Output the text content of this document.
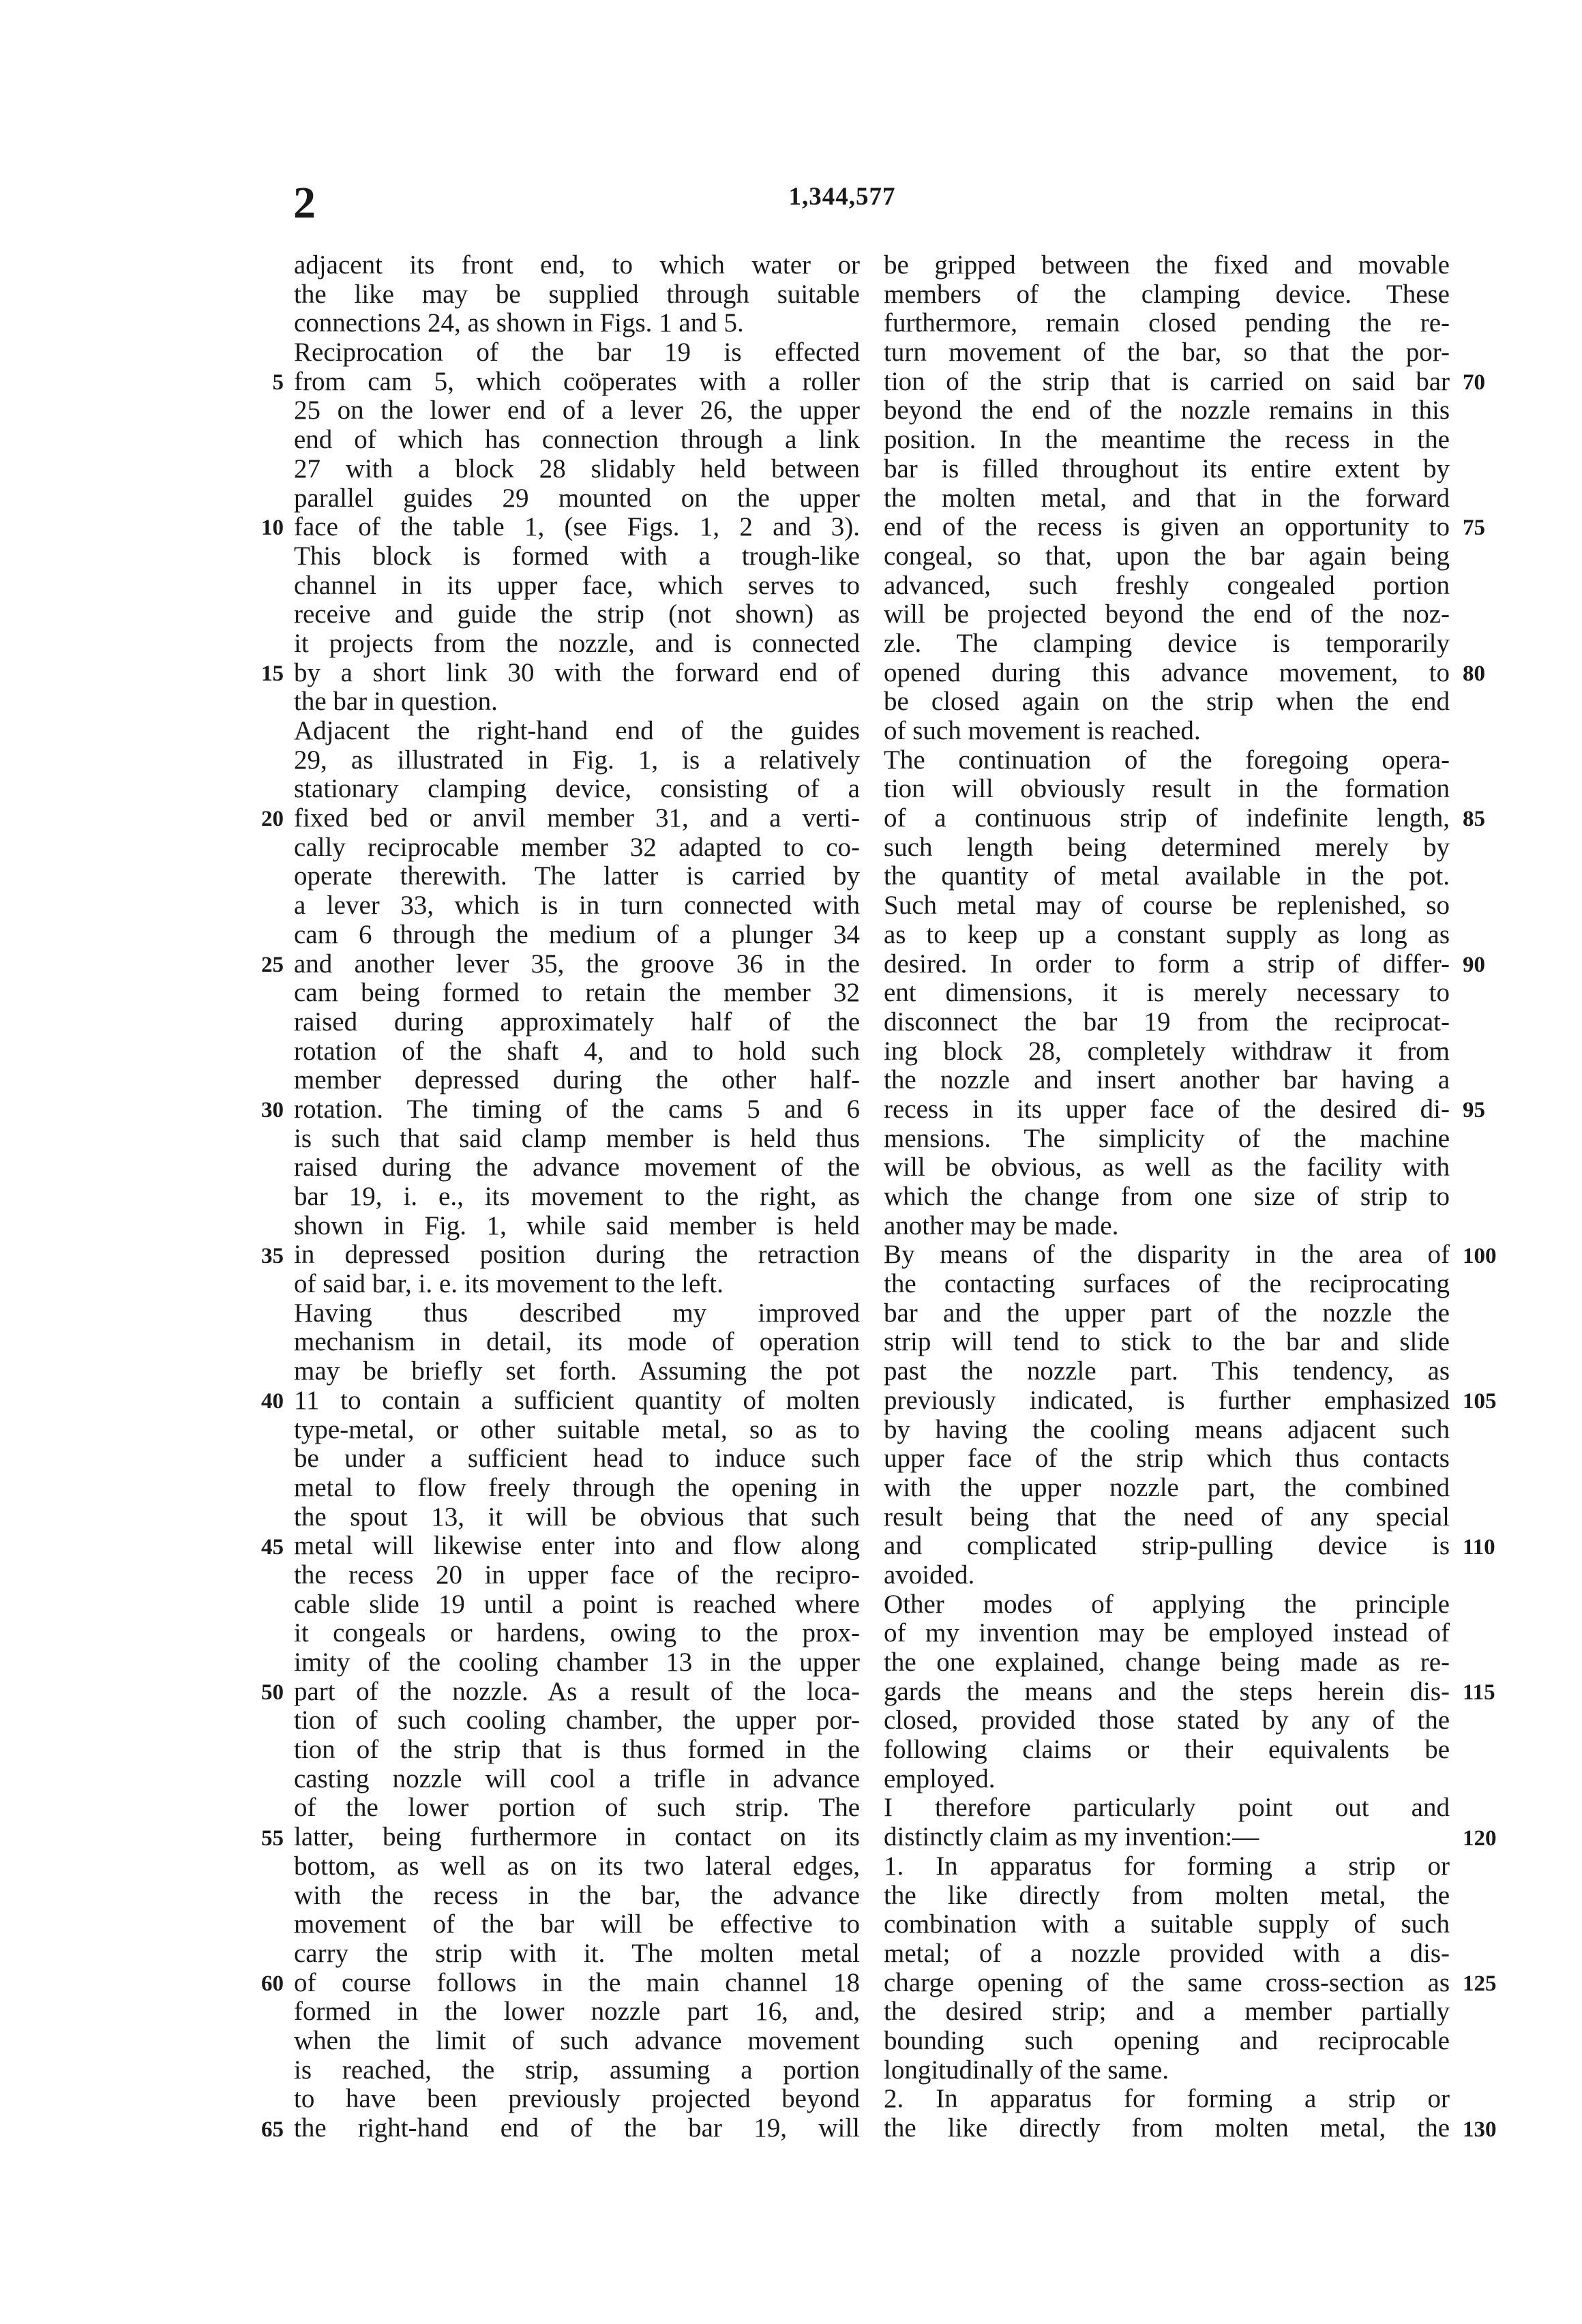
2	1,344,577
adjacent its front end, to which water or
the like may be supplied through suitable
connections 24, as shown in Figs. 1 and 5.
Reciprocation of the bar 19 is effected
from cam 5, which coöperates with a roller
25 on the lower end of a lever 26, the upper
end of which has connection through a link
27 with a block 28 slidably held between
parallel guides 29 mounted on the upper
face of the table 1, (see Figs. 1, 2 and 3).
This block is formed with a trough-like
channel in its upper face, which serves to
receive and guide the strip (not shown) as
it projects from the nozzle, and is connected
by a short link 30 with the forward end of
the bar in question.
Adjacent the right-hand end of the guides
29, as illustrated in Fig. 1, is a relatively
stationary clamping device, consisting of a
fixed bed or anvil member 31, and a verti-
cally reciprocable member 32 adapted to co-
operate therewith. The latter is carried by
a lever 33, which is in turn connected with
cam 6 through the medium of a plunger 34
and another lever 35, the groove 36 in the
cam being formed to retain the member 32
raised during approximately half of the
rotation of the shaft 4, and to hold such
member depressed during the other half-
rotation. The timing of the cams 5 and 6
is such that said clamp member is held thus
raised during the advance movement of the
bar 19, i. e., its movement to the right, as
shown in Fig. 1, while said member is held
in depressed position during the retraction
of said bar, i. e. its movement to the left.
Having thus described my improved
mechanism in detail, its mode of operation
may be briefly set forth. Assuming the pot
11 to contain a sufficient quantity of molten
type-metal, or other suitable metal, so as to
be under a sufficient head to induce such
metal to flow freely through the opening in
the spout 13, it will be obvious that such
metal will likewise enter into and flow along
the recess 20 in upper face of the recipro-
cable slide 19 until a point is reached where
it congeals or hardens, owing to the prox-
imity of the cooling chamber 13 in the upper
part of the nozzle. As a result of the loca-
tion of such cooling chamber, the upper por-
tion of the strip that is thus formed in the
casting nozzle will cool a trifle in advance
of the lower portion of such strip. The
latter, being furthermore in contact on its
bottom, as well as on its two lateral edges,
with the recess in the bar, the advance
movement of the bar will be effective to
carry the strip with it. The molten metal
of course follows in the main channel 18
formed in the lower nozzle part 16, and,
when the limit of such advance movement
is reached, the strip, assuming a portion
to have been previously projected beyond
the right-hand end of the bar 19, will
be gripped between the fixed and movable
members of the clamping device. These
furthermore, remain closed pending the re-
turn movement of the bar, so that the por-
tion of the strip that is carried on said bar
beyond the end of the nozzle remains in this
position. In the meantime the recess in the
bar is filled throughout its entire extent by
the molten metal, and that in the forward
end of the recess is given an opportunity to
congeal, so that, upon the bar again being
advanced, such freshly congealed portion
will be projected beyond the end of the noz-
zle. The clamping device is temporarily
opened during this advance movement, to
be closed again on the strip when the end
of such movement is reached.
The continuation of the foregoing opera-
tion will obviously result in the formation
of a continuous strip of indefinite length,
such length being determined merely by
the quantity of metal available in the pot.
Such metal may of course be replenished, so
as to keep up a constant supply as long as
desired. In order to form a strip of differ-
ent dimensions, it is merely necessary to
disconnect the bar 19 from the reciprocat-
ing block 28, completely withdraw it from
the nozzle and insert another bar having a
recess in its upper face of the desired di-
mensions. The simplicity of the machine
will be obvious, as well as the facility with
which the change from one size of strip to
another may be made.
By means of the disparity in the area of
the contacting surfaces of the reciprocating
bar and the upper part of the nozzle the
strip will tend to stick to the bar and slide
past the nozzle part. This tendency, as
previously indicated, is further emphasized
by having the cooling means adjacent such
upper face of the strip which thus contacts
with the upper nozzle part, the combined
result being that the need of any special
and complicated strip-pulling device is
avoided.
Other modes of applying the principle
of my invention may be employed instead of
the one explained, change being made as re-
gards the means and the steps herein dis-
closed, provided those stated by any of the
following claims or their equivalents be
employed.
I therefore particularly point out and
distinctly claim as my invention:—
1. In apparatus for forming a strip or
the like directly from molten metal, the
combination with a suitable supply of such
metal; of a nozzle provided with a dis-
charge opening of the same cross-section as
the desired strip; and a member partially
bounding such opening and reciprocable
longitudinally of the same.
2. In apparatus for forming a strip or
the like directly from molten metal, the
5
10
15
20
25
30
35
40
45
50
55
60
65
70
75
80
85
90
95
100
105
110
115
120
125
130
